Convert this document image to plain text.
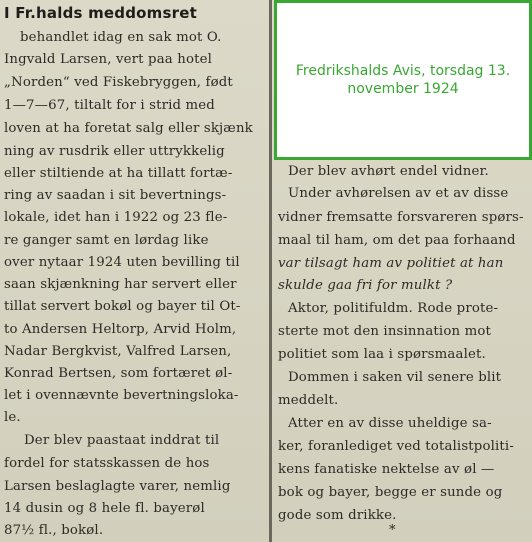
I Fr.halds meddomsret
behandlet idag en sak mot O.
Ingvald Larsen, vert paa hotel
„Norden“ ved Fiskebryggen, født
1—7—67, tiltalt for i strid med
loven at ha foretat salg eller skjænk
ning av rusdrik eller uttrykkelig
eller stiltiende at ha tillatt fortæ-
ring av saadan i sit bevertnings-
lokale, idet han i 1922 og 23 fle-
re ganger samt en lørdag like
over nytaar 1924 uten bevilling til
saan skjænkning har servert eller
tillat servert bokøl og bayer til Ot-
to Andersen Heltorp, Arvid Holm,
Nadar Bergkvist, Valfred Larsen,
Konrad Bertsen, som fortæret øl-
let i ovennævnte bevertningsloka-
le.
Der blev paastaat inddrat til
fordel for statsskassen de hos
Larsen beslaglagte varer, nemlig
14 dusin og 8 hele fl. bayerøl
87½ fl., bokøl.
Der blev avhørt endel vidner.
Under avhørelsen av et av disse
vidner fremsatte forsvareren spørs-
maal til ham, om det paa forhaand
var tilsagt ham av politiet at han
skulde gaa fri for mulkt ?
Aktor, politifuldm. Rode prote-
sterte mot den insinnation mot
politiet som laa i spørsmaalet.
Dommen i saken vil senere blit
meddelt.
Atter en av disse uheldige sa-
ker, foranlediget ved totalistpoliti-
kens fanatiske nektelse av øl —
bok og bayer, begge er sunde og
gode som drikke.
Fredrikshalds Avis, torsdag 13. november 1924
*
